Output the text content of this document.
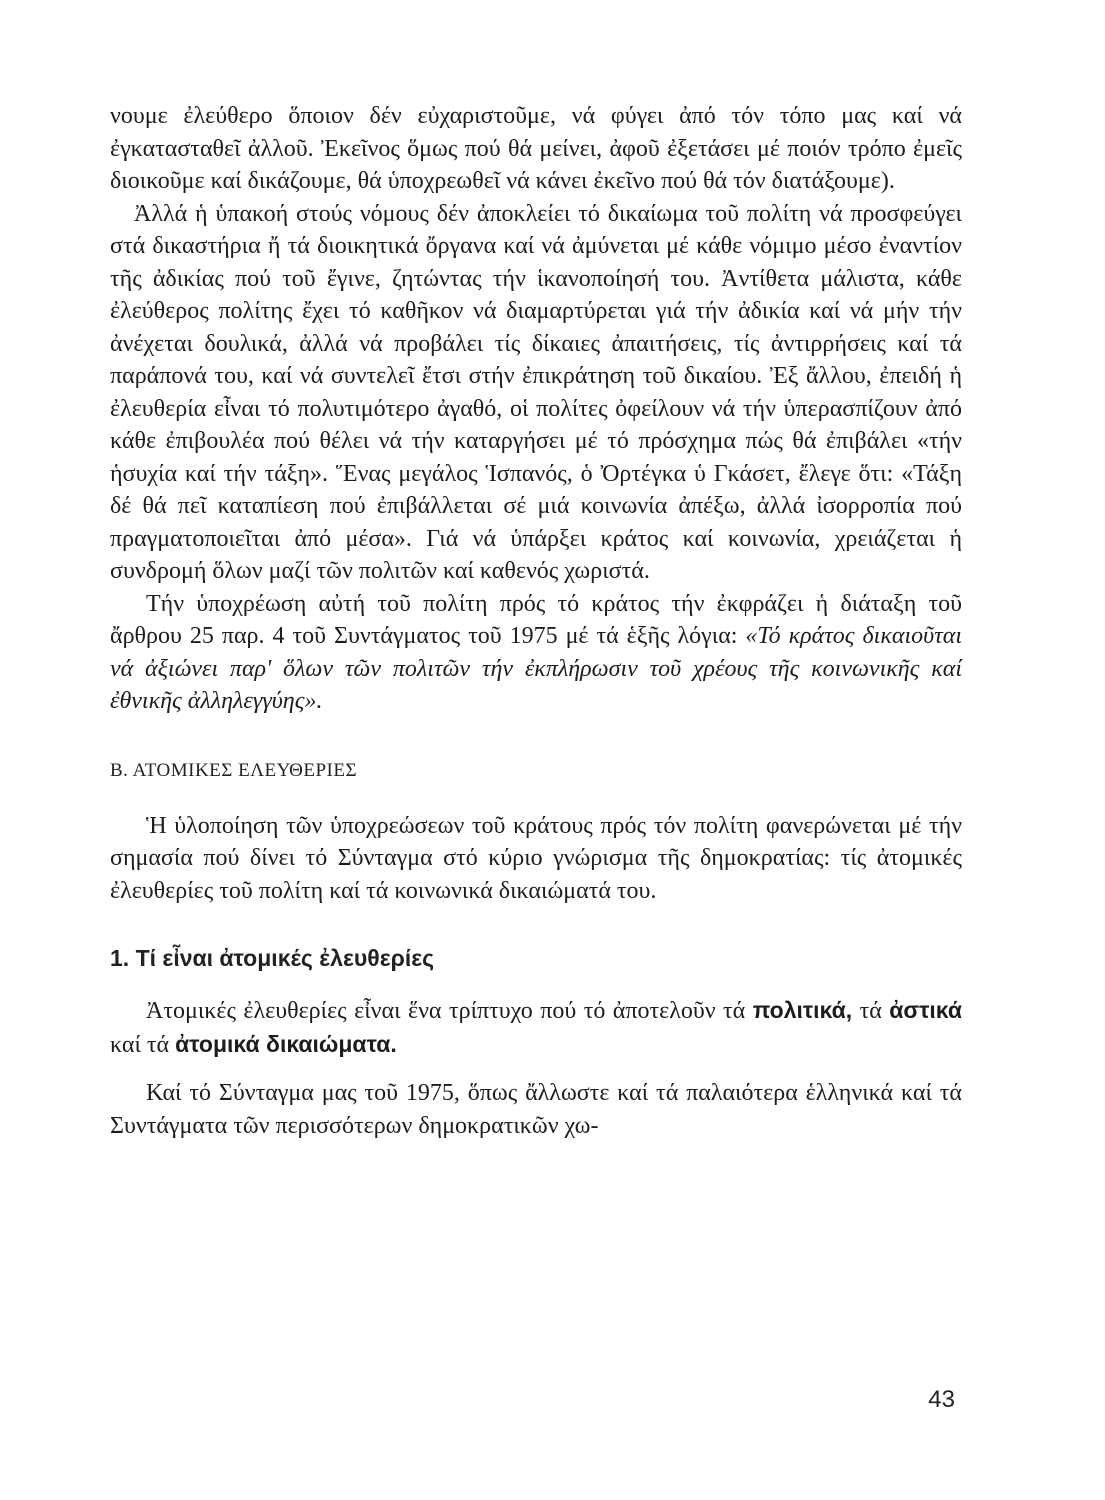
νουμε ἐλεύθερο ὅποιον δέν εὐχαριστοῦμε, νά φύγει ἀπό τόν τόπο μας καί νά ἐγκατασταθεῖ ἀλλοῦ. Ἐκεῖνος ὅμως πού θά μείνει, ἀφοῦ ἐξετάσει μέ ποιόν τρόπο ἐμεῖς διοικοῦμε καί δικάζουμε, θά ὑποχρεωθεῖ νά κάνει ἐκεῖνο πού θά τόν διατάξουμε).

Ἀλλά ἡ ὑπακοή στούς νόμους δέν ἀποκλείει τό δικαίωμα τοῦ πολίτη νά προσφεύγει στά δικαστήρια ἤ τά διοικητικά ὄργανα καί νά ἀμύνεται μέ κάθε νόμιμο μέσο ἐναντίον τῆς ἀδικίας πού τοῦ ἔγινε, ζητώντας τήν ἱκανοποίησή του. Ἀντίθετα μάλιστα, κάθε ἐλεύθερος πολίτης ἔχει τό καθῆκον νά διαμαρτύρεται γιά τήν ἀδικία καί νά μήν τήν ἀνέχεται δουλικά, ἀλλά νά προβάλει τίς δίκαιες ἀπαιτήσεις, τίς ἀντιρρήσεις καί τά παράπονά του, καί νά συντελεῖ ἔτσι στήν ἐπικράτηση τοῦ δικαίου. Ἐξ ἄλλου, ἐπειδή ἡ ἐλευθερία εἶναι τό πολυτιμότερο ἀγαθό, οἱ πολίτες ὀφείλουν νά τήν ὑπερασπίζουν ἀπό κάθε ἐπιβουλέα πού θέλει νά τήν καταργήσει μέ τό πρόσχημα πώς θά ἐπιβάλει «τήν ἡσυχία καί τήν τάξη». Ἕνας μεγάλος Ἱσπανός, ὁ Ὀρτέγκα ὑ Γκάσετ, ἔλεγε ὅτι: «Τάξη δέ θά πεῖ καταπίεση πού ἐπιβάλλεται σέ μιά κοινωνία ἀπέξω, ἀλλά ἰσορροπία πού πραγματοποιεῖται ἀπό μέσα». Γιά νά ὑπάρξει κράτος καί κοινωνία, χρειάζεται ἡ συνδρομή ὅλων μαζί τῶν πολιτῶν καί καθενός χωριστά.

Τήν ὑποχρέωση αὐτή τοῦ πολίτη πρός τό κράτος τήν ἐκφράζει ἡ διάταξη τοῦ ἄρθρου 25 παρ. 4 τοῦ Συντάγματος τοῦ 1975 μέ τά ἑξῆς λόγια: «Τό κράτος δικαιοῦται νά ἀξιώνει παρ' ὅλων τῶν πολιτῶν τήν ἐκπλήρωσιν τοῦ χρέους τῆς κοινωνικῆς καί ἐθνικῆς ἀλληλεγγύης».

Β. ΑΤΟΜΙΚΕΣ ΕΛΕΥΘΕΡΙΕΣ

Ἡ ὑλοποίηση τῶν ὑποχρεώσεων τοῦ κράτους πρός τόν πολίτη φανερώνεται μέ τήν σημασία πού δίνει τό Σύνταγμα στό κύριο γνώρισμα τῆς δημοκρατίας: τίς ἀτομικές ἐλευθερίες τοῦ πολίτη καί τά κοινωνικά δικαιώματά του.

1. Τί εἶναι ἀτομικές ἐλευθερίες

Ἀτομικές ἐλευθερίες εἶναι ἕνα τρίπτυχο πού τό ἀποτελοῦν τά πολιτικά, τά ἀστικά καί τά ἀτομικά δικαιώματα.

Καί τό Σύνταγμα μας τοῦ 1975, ὅπως ἄλλωστε καί τά παλαιότερα ἑλληνικά καί τά Συντάγματα τῶν περισσότερων δημοκρατικῶν χω-

43
